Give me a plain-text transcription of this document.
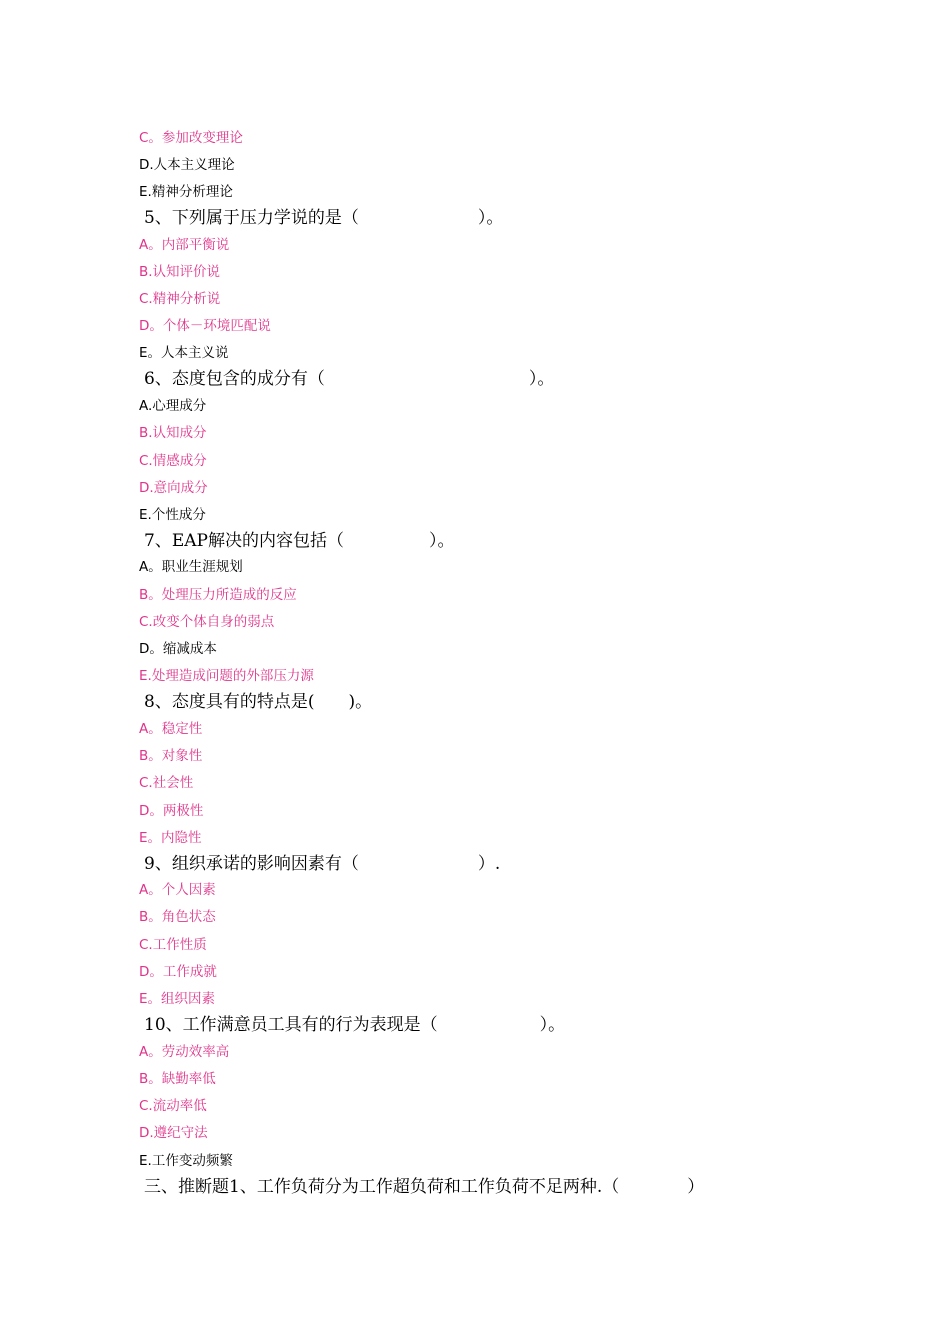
C。参加改变理论
D.人本主义理论
E.精神分析理论
5、下列属于压力学说的是（　　　　　　　）。
A。内部平衡说
B.认知评价说
C.精神分析说
D。个体－环境匹配说
E。人本主义说
6、态度包含的成分有（　　　　　　　　　　　　）。
A.心理成分
B.认知成分
C.情感成分
D.意向成分
E.个性成分
7、EAP解决的内容包括（　　　　　）。
A。职业生涯规划
B。处理压力所造成的反应
C.改变个体自身的弱点
D。缩减成本
E.处理造成问题的外部压力源
8、态度具有的特点是(　　)。
A。稳定性
B。对象性
C.社会性
D。两极性
E。内隐性
9、组织承诺的影响因素有（　　　　　　　）.
A。个人因素
B。角色状态
C.工作性质
D。工作成就
E。组织因素
10、工作满意员工具有的行为表现是（　　　　　　）。
A。劳动效率高
B。缺勤率低
C.流动率低
D.遵纪守法
E.工作变动频繁
三、推断题1、工作负荷分为工作超负荷和工作负荷不足两种.（　　　　）
